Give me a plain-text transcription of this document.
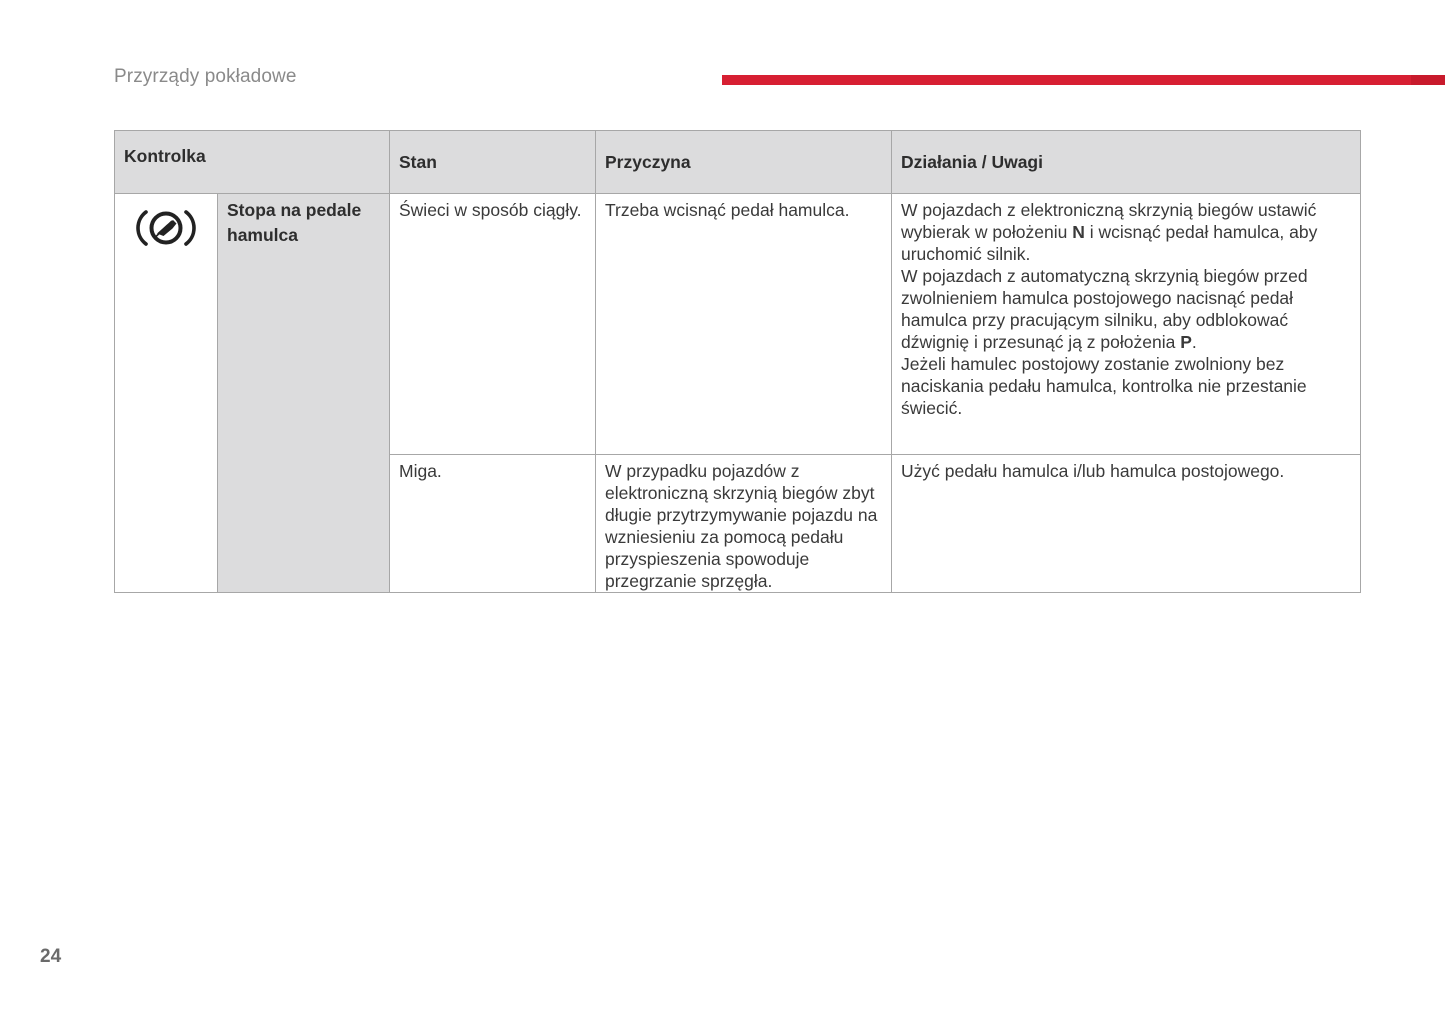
Przyrządy pokładowe
Kontrolka		Stan	Przyczyna	Działania / Uwagi
	Stopa na pedale hamulca	Świeci w sposób ciągły.	Trzeba wcisnąć pedał hamulca.	W pojazdach z elektroniczną skrzynią biegów ustawić wybierak w położeniu N i wcisnąć pedał hamulca, aby uruchomić silnik.
W pojazdach z automatyczną skrzynią biegów przed zwolnieniem hamulca postojowego nacisnąć pedał hamulca przy pracującym silniku, aby odblokować dźwignię i przesunąć ją z położenia P.
Jeżeli hamulec postojowy zostanie zwolniony bez naciskania pedału hamulca, kontrolka nie przestanie świecić.

		Miga.	W przypadku pojazdów z elektroniczną skrzynią biegów zbyt długie przytrzymywanie pojazdu na wzniesieniu za pomocą pedału przyspieszenia spowoduje przegrzanie sprzęgła.	Użyć pedału hamulca i/lub hamulca postojowego.
24
